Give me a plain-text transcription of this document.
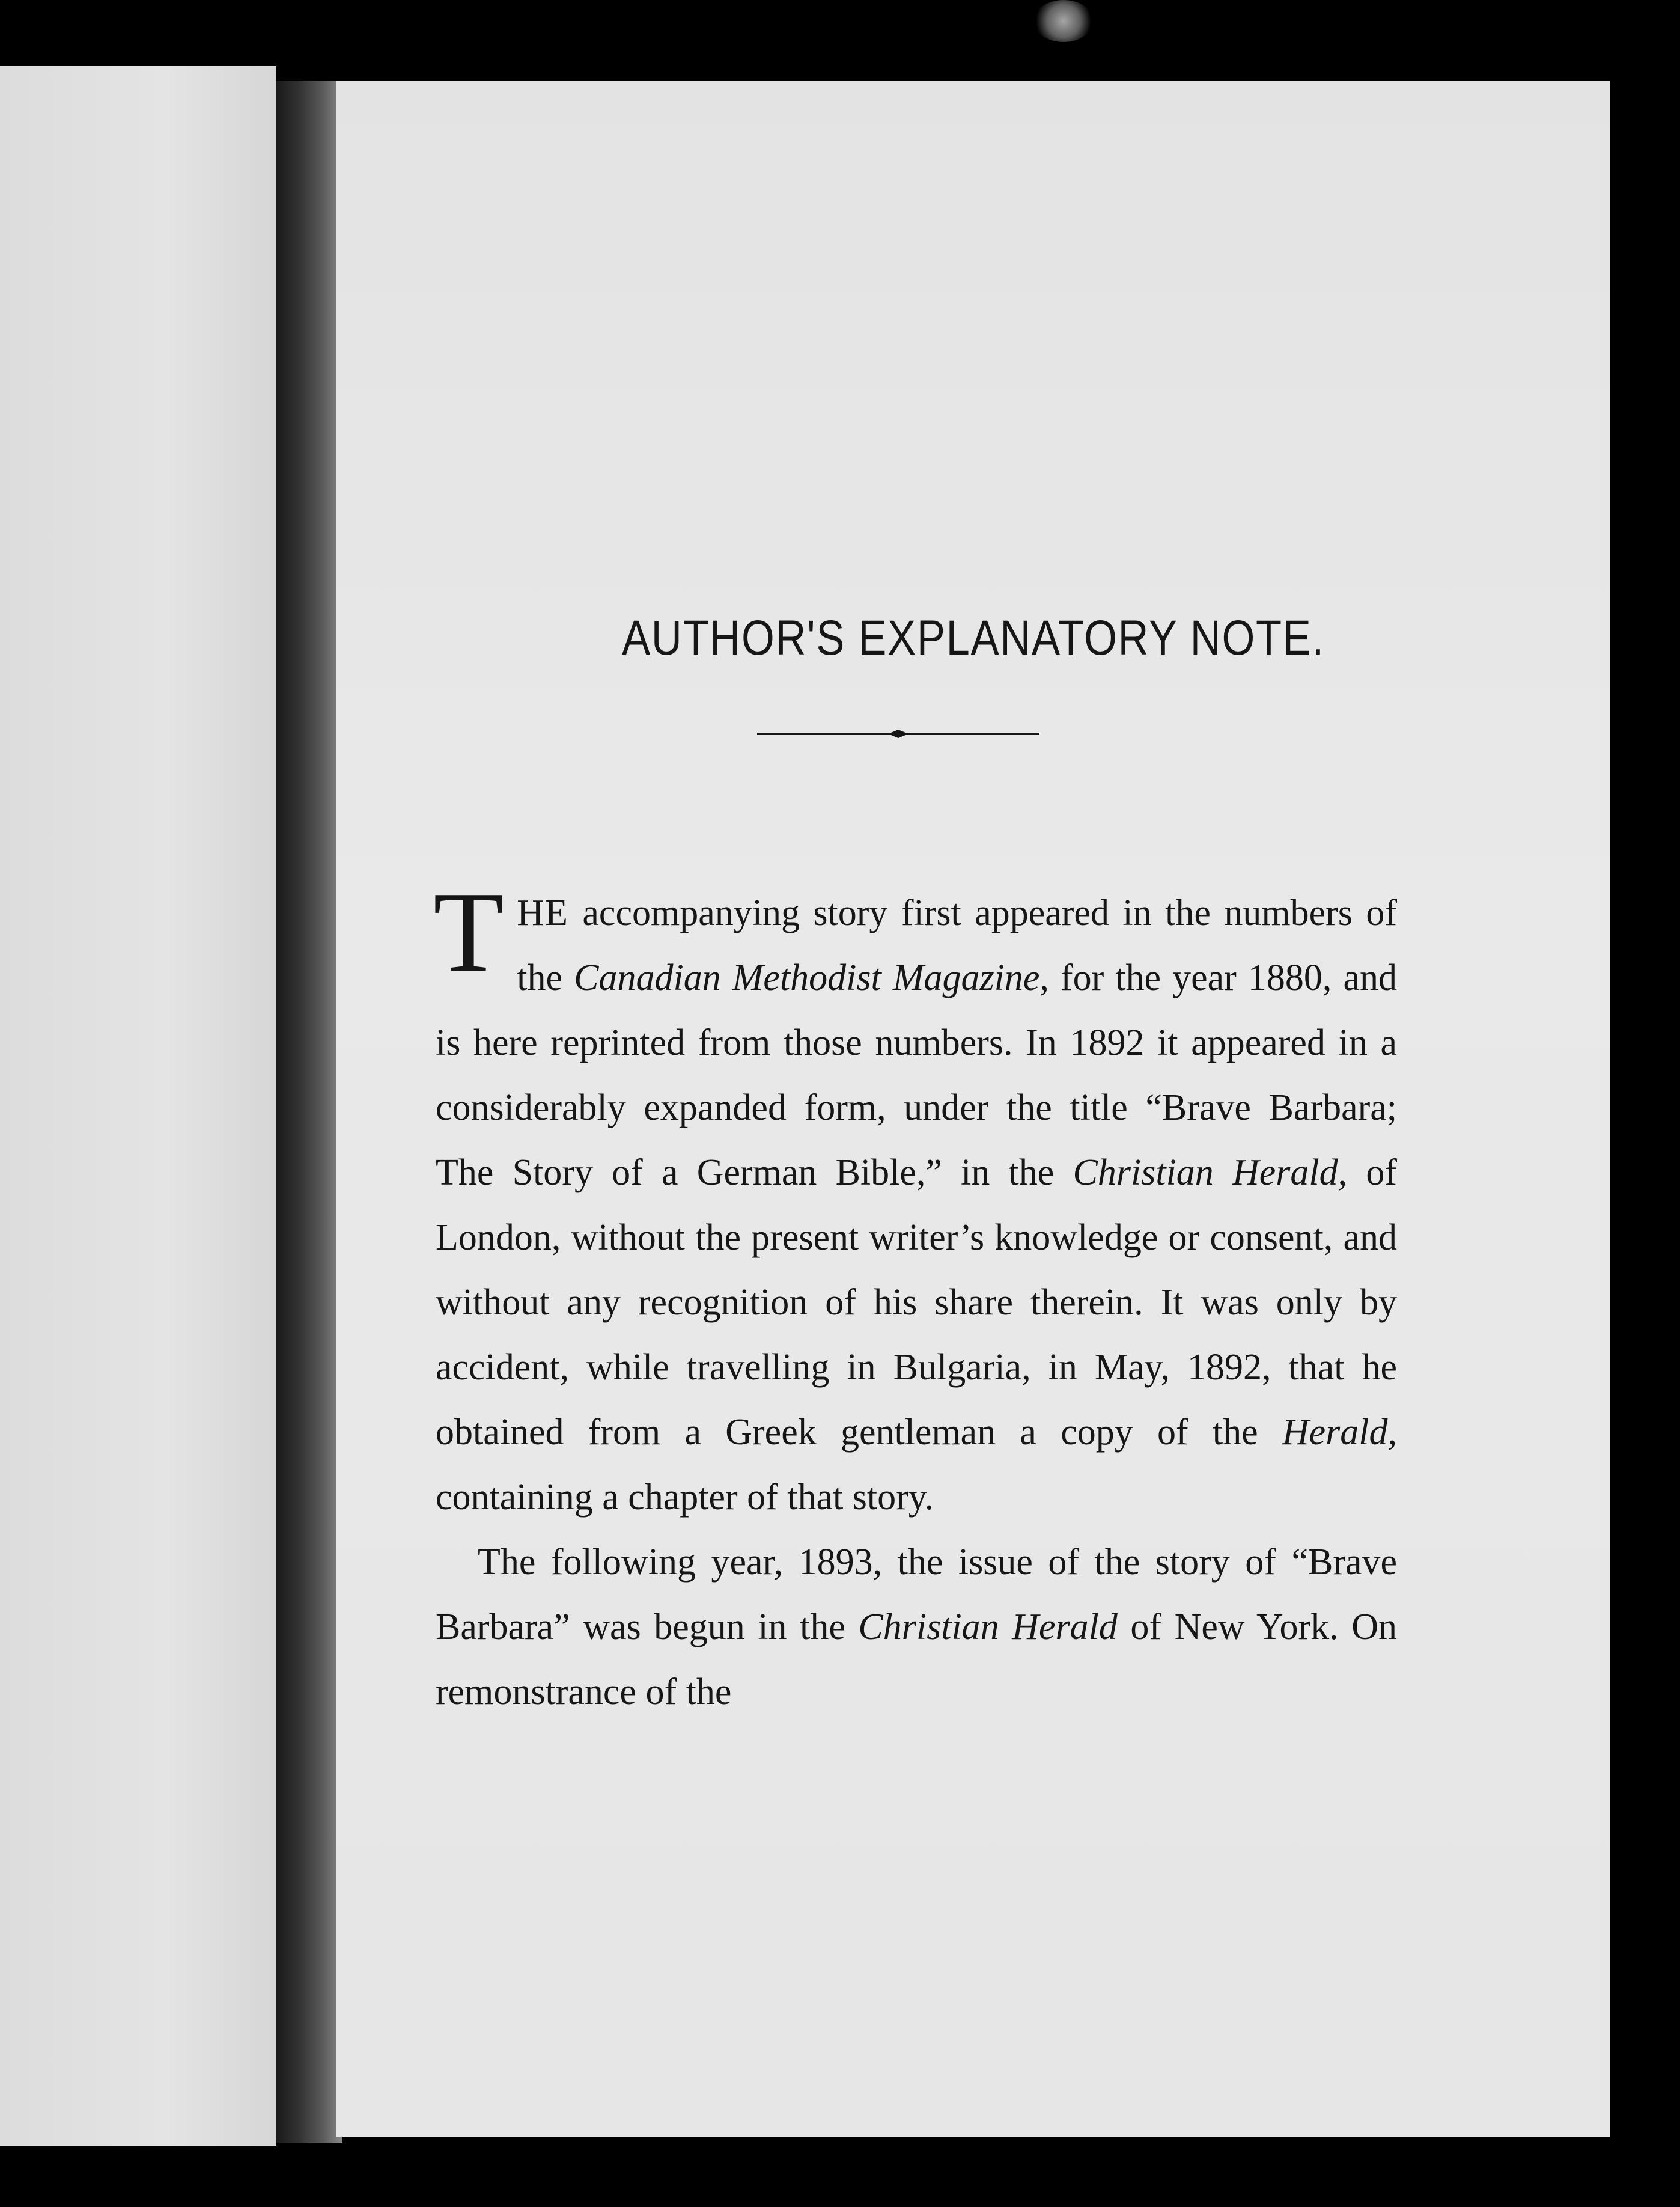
AUTHOR'S EXPLANATORY NOTE.

THE accompanying story first appeared in the numbers of the Canadian Methodist Magazine, for the year 1880, and is here reprinted from those numbers. In 1892 it appeared in a considerably expanded form, under the title “Brave Barbara; The Story of a German Bible,” in the Christian Herald, of London, without the present writer’s knowledge or consent, and without any recognition of his share therein. It was only by accident, while travelling in Bulgaria, in May, 1892, that he obtained from a Greek gentleman a copy of the Herald, containing a chapter of that story.

The following year, 1893, the issue of the story of “Brave Barbara” was begun in the Christian Herald of New York. On remonstrance of the
